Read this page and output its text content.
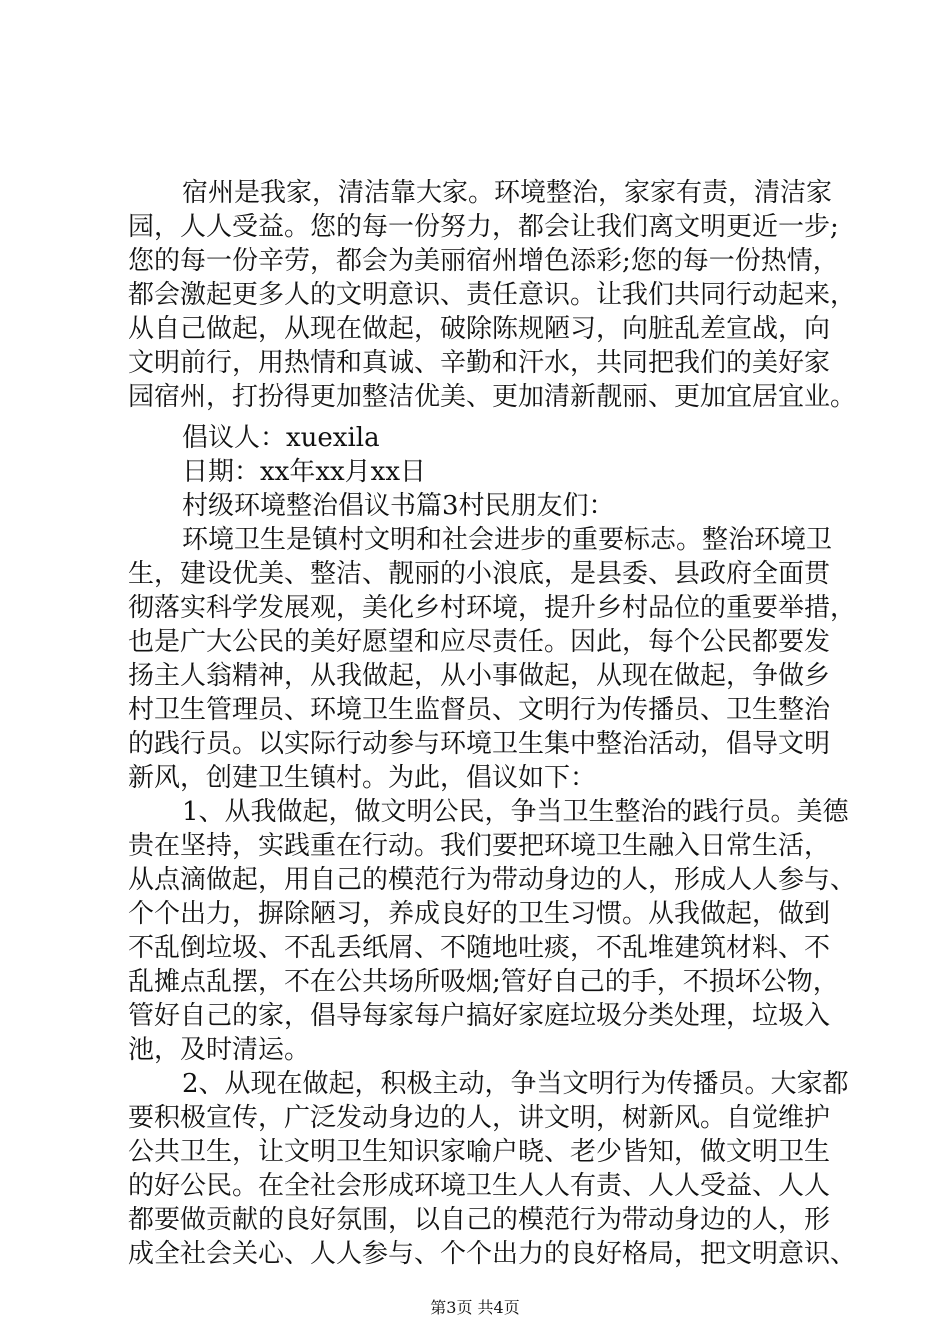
宿州是我家，清洁靠大家。环境整治，家家有责，清洁家
园，人人受益。您的每一份努力，都会让我们离文明更近一步;
您的每一份辛劳，都会为美丽宿州增色添彩;您的每一份热情，
都会激起更多人的文明意识、责任意识。让我们共同行动起来，
从自己做起，从现在做起，破除陈规陋习，向脏乱差宣战，向
文明前行，用热情和真诚、辛勤和汗水，共同把我们的美好家
园宿州，打扮得更加整洁优美、更加清新靓丽、更加宜居宜业。
倡议人：xuexila
日期：xx年xx月xx日
村级环境整治倡议书篇3村民朋友们：
环境卫生是镇村文明和社会进步的重要标志。整治环境卫
生，建设优美、整洁、靓丽的小浪底，是县委、县政府全面贯
彻落实科学发展观，美化乡村环境，提升乡村品位的重要举措，
也是广大公民的美好愿望和应尽责任。因此，每个公民都要发
扬主人翁精神，从我做起，从小事做起，从现在做起，争做乡
村卫生管理员、环境卫生监督员、文明行为传播员、卫生整治
的践行员。以实际行动参与环境卫生集中整治活动，倡导文明
新风，创建卫生镇村。为此，倡议如下：
1、从我做起，做文明公民，争当卫生整治的践行员。美德
贵在坚持，实践重在行动。我们要把环境卫生融入日常生活，
从点滴做起，用自己的模范行为带动身边的人，形成人人参与、
个个出力，摒除陋习，养成良好的卫生习惯。从我做起，做到
不乱倒垃圾、不乱丢纸屑、不随地吐痰，不乱堆建筑材料、不
乱摊点乱摆，不在公共场所吸烟;管好自己的手，不损坏公物，
管好自己的家，倡导每家每户搞好家庭垃圾分类处理，垃圾入
池，及时清运。
2、从现在做起，积极主动，争当文明行为传播员。大家都
要积极宣传，广泛发动身边的人，讲文明，树新风。自觉维护
公共卫生，让文明卫生知识家喻户晓、老少皆知，做文明卫生
的好公民。在全社会形成环境卫生人人有责、人人受益、人人
都要做贡献的良好氛围，以自己的模范行为带动身边的人，形
成全社会关心、人人参与、个个出力的良好格局，把文明意识、
第3页 共4页
